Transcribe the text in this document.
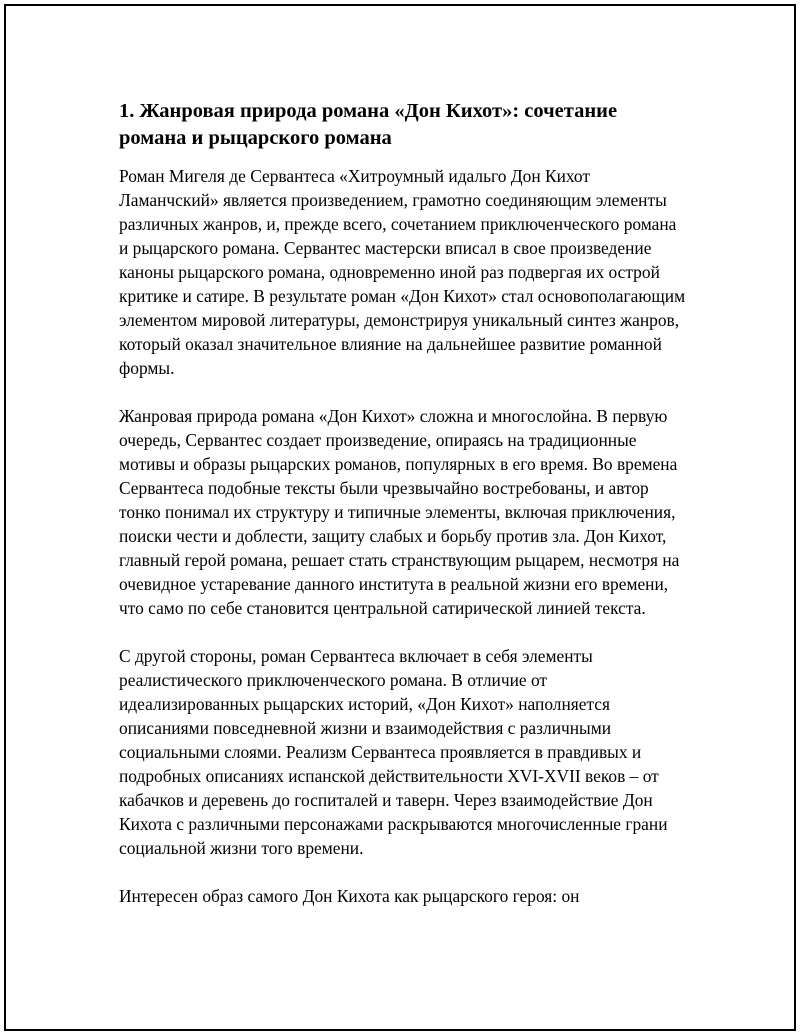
1. Жанровая природа романа «Дон Кихот»: сочетание романа и рыцарского романа

Роман Мигеля де Сервантеса «Хитроумный идальго Дон Кихот Ламанчский» является произведением, грамотно соединяющим элементы различных жанров, и, прежде всего, сочетанием приключенческого романа и рыцарского романа. Сервантес мастерски вписал в свое произведение каноны рыцарского романа, одновременно иной раз подвергая их острой критике и сатире. В результате роман «Дон Кихот» стал основополагающим элементом мировой литературы, демонстрируя уникальный синтез жанров, который оказал значительное влияние на дальнейшее развитие романной формы.

Жанровая природа романа «Дон Кихот» сложна и многослойна. В первую очередь, Сервантес создает произведение, опираясь на традиционные мотивы и образы рыцарских романов, популярных в его время. Во времена Сервантеса подобные тексты были чрезвычайно востребованы, и автор тонко понимал их структуру и типичные элементы, включая приключения, поиски чести и доблести, защиту слабых и борьбу против зла. Дон Кихот, главный герой романа, решает стать странствующим рыцарем, несмотря на очевидное устаревание данного института в реальной жизни его времени, что само по себе становится центральной сатирической линией текста.

С другой стороны, роман Сервантеса включает в себя элементы реалистического приключенческого романа. В отличие от идеализированных рыцарских историй, «Дон Кихот» наполняется описаниями повседневной жизни и взаимодействия с различными социальными слоями. Реализм Сервантеса проявляется в правдивых и подробных описаниях испанской действительности XVI-XVII веков – от кабачков и деревень до госпиталей и таверн. Через взаимодействие Дон Кихота с различными персонажами раскрываются многочисленные грани социальной жизни того времени.

Интересен образ самого Дон Кихота как рыцарского героя: он
